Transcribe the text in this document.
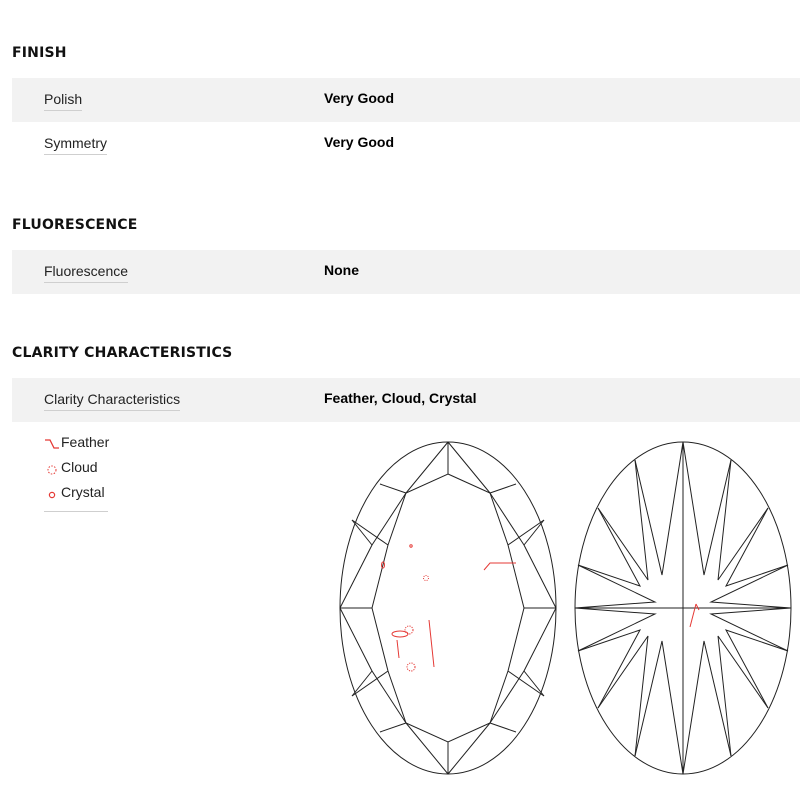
FINISH
Polish	Very Good
Symmetry	Very Good
FLUORESCENCE
Fluorescence	None
CLARITY CHARACTERISTICS
Clarity Characteristics	Feather, Cloud, Crystal
Feather
Cloud
Crystal
